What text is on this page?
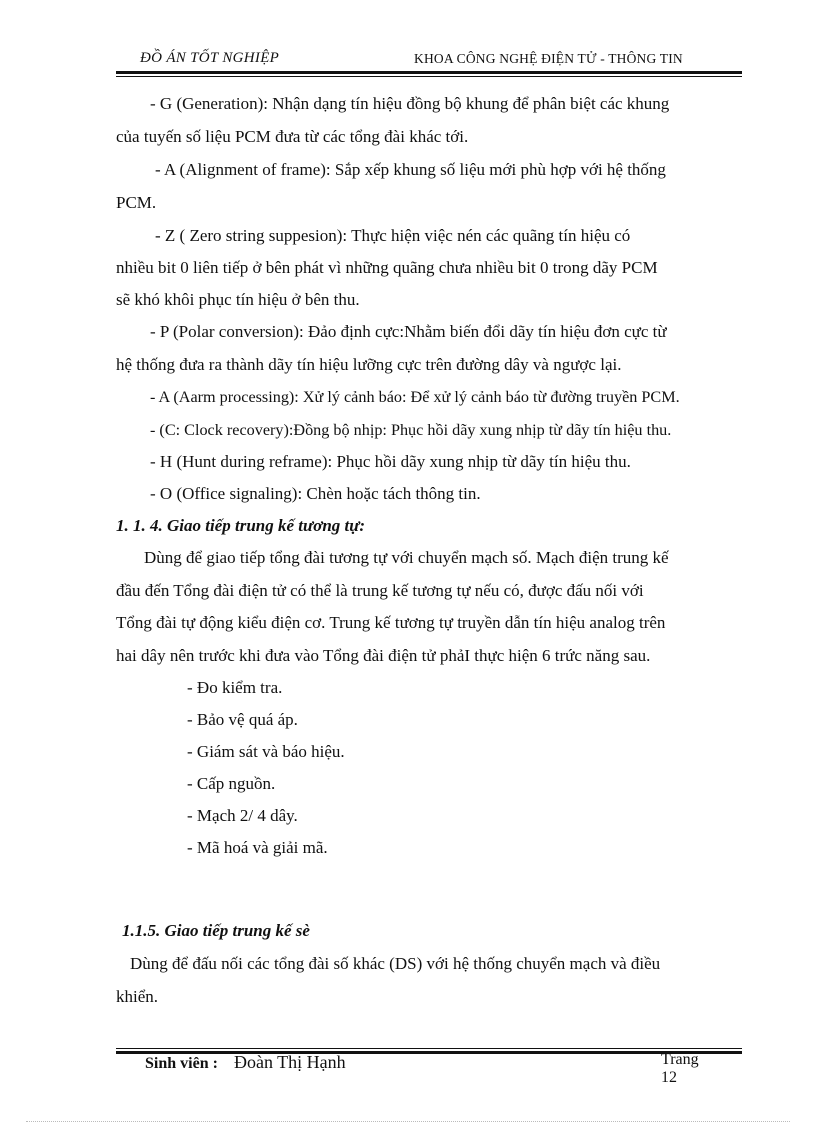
ĐỒ ÁN TỐT NGHIỆP	KHOA CÔNG NGHỆ ĐIỆN TỬ - THÔNG TIN
- G (Generation): Nhận dạng tín hiệu đồng bộ khung để phân biệt các khung
của tuyến số liệu PCM đưa từ các tổng đài khác tới.
- A (Alignment of frame): Sắp xếp khung số liệu mới phù hợp với hệ thống
PCM.
- Z ( Zero string suppesion): Thực hiện việc nén các quãng tín hiệu có
nhiều bit 0 liên tiếp ở bên phát vì những quãng chưa nhiều bit 0 trong dãy PCM
sẽ khó khôi phục tín hiệu ở bên thu.
- P (Polar conversion): Đảo định cực:Nhằm biến đổi dãy tín hiệu đơn cực từ
hệ thống đưa ra thành dãy tín hiệu lưỡng cực trên đường dây và ngược lại.
- A (Aarm processing): Xử lý cảnh báo: Để xử lý cảnh báo từ đường truyền PCM.
- (C: Clock recovery):Đồng bộ nhịp: Phục hồi dãy xung nhịp từ dãy tín hiệu thu.
- H (Hunt during reframe): Phục hồi dãy xung nhịp từ dãy tín hiệu thu.
- O (Office signaling): Chèn hoặc tách thông tin.
1. 1. 4. Giao tiếp trung kế tương tự:
Dùng để giao tiếp tổng đài tương tự với chuyển mạch số. Mạch điện trung kế
đầu đến Tổng đài điện tử có thể là trung kế tương tự nếu có, được đấu nối với
Tổng đài tự động kiểu điện cơ. Trung kế tương tự truyền dẫn tín hiệu analog trên
hai dây nên trước khi đưa vào Tổng đài điện tử phảI thực hiện 6 trức năng sau.
- Đo kiểm tra.
- Bảo vệ quá áp.
- Giám sát và báo hiệu.
- Cấp nguồn.
- Mạch 2/ 4 dây.
- Mã hoá và giải mã.
1.1.5. Giao tiếp trung kế sè
Dùng để đấu nối các tổng đài số khác (DS) với hệ thống chuyển mạch và điều
khiển.
Sinh viên : Đoàn Thị Hạnh	Trang
12
